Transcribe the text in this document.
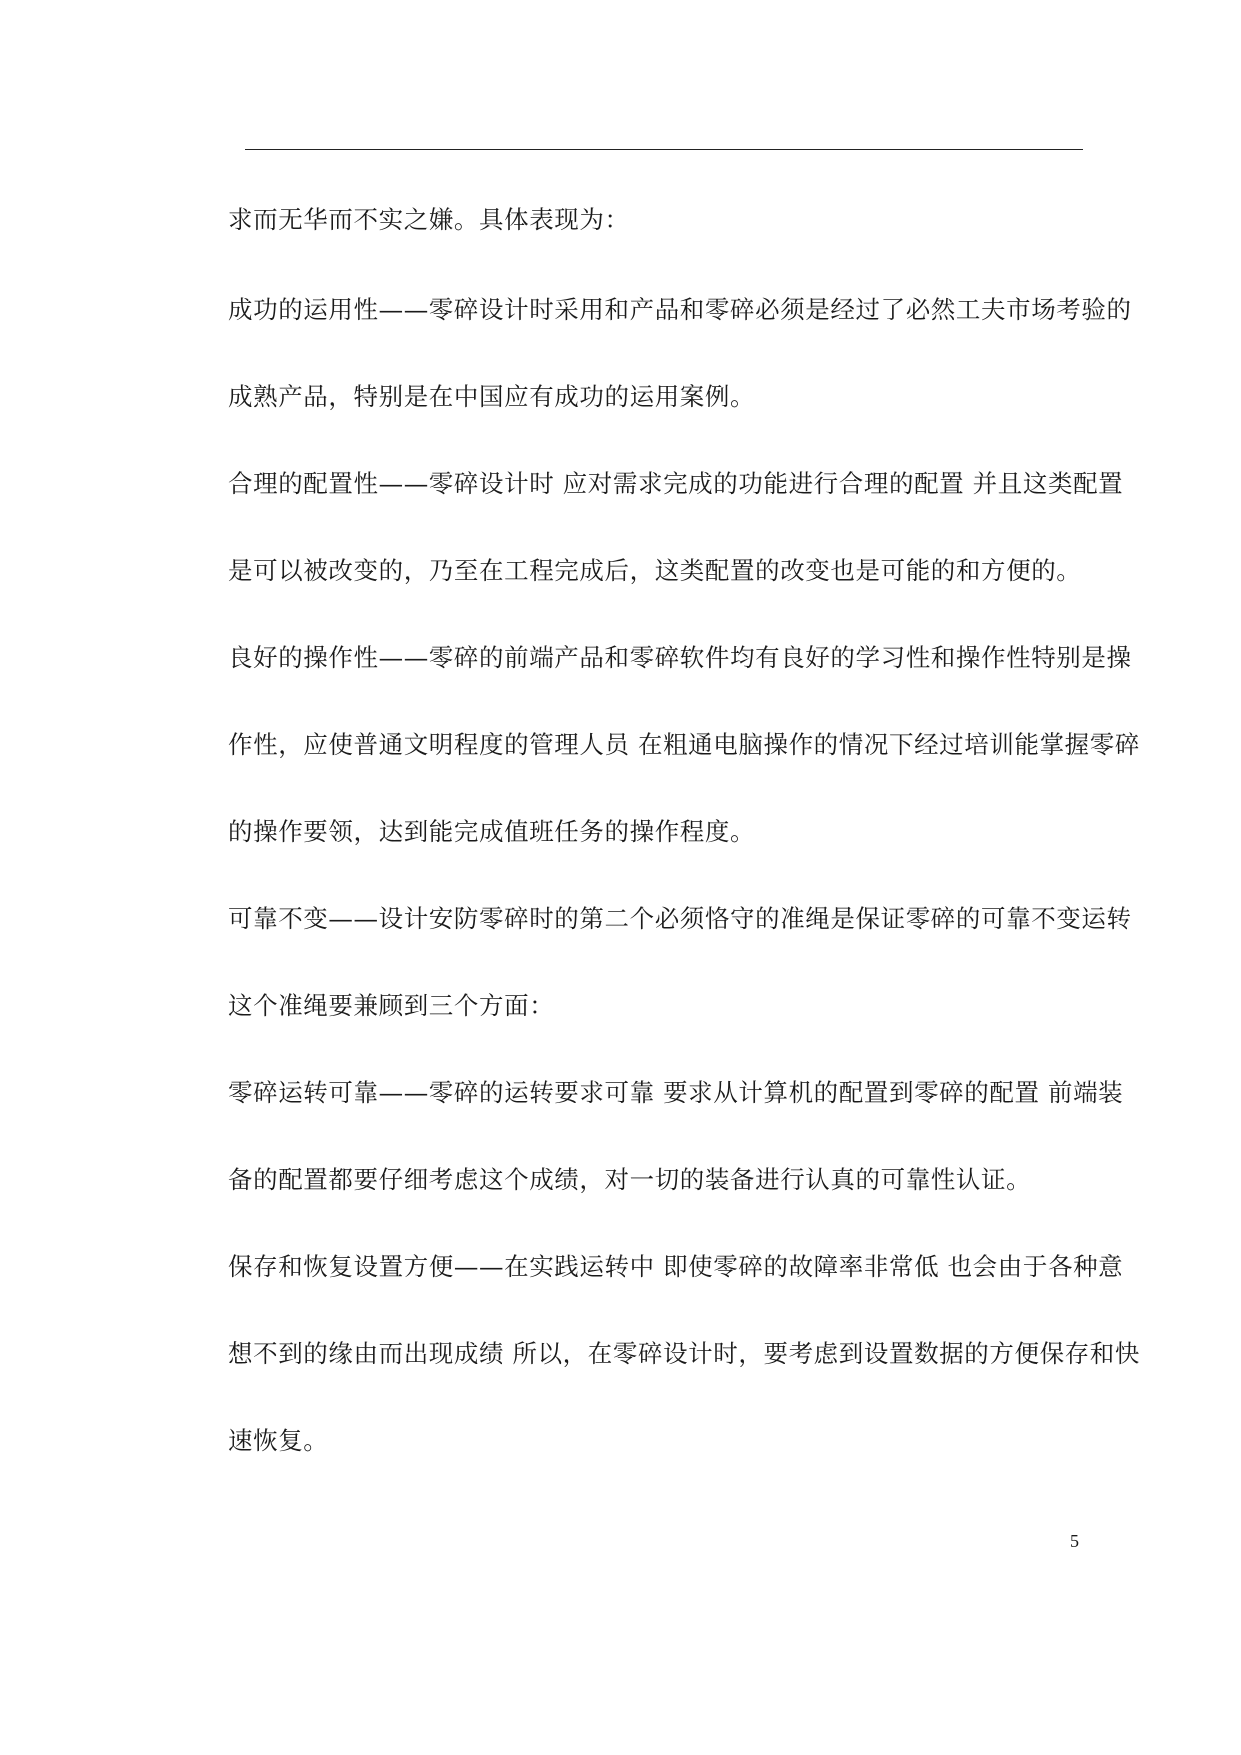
求而无华而不实之嫌。具体表现为：
成功的运用性——零碎设计时采用和产品和零碎必须是经过了必然工夫市场考验的
成熟产品，特别是在中国应有成功的运用案例。
合理的配置性——零碎设计时 应对需求完成的功能进行合理的配置 并且这类配置
是可以被改变的，乃至在工程完成后，这类配置的改变也是可能的和方便的。
良好的操作性——零碎的前端产品和零碎软件均有良好的学习性和操作性特别是操
作性，应使普通文明程度的管理人员 在粗通电脑操作的情况下经过培训能掌握零碎
的操作要领，达到能完成值班任务的操作程度。
可靠不变——设计安防零碎时的第二个必须恪守的准绳是保证零碎的可靠不变运转
这个准绳要兼顾到三个方面：
零碎运转可靠——零碎的运转要求可靠 要求从计算机的配置到零碎的配置 前端装
备的配置都要仔细考虑这个成绩，对一切的装备进行认真的可靠性认证。
保存和恢复设置方便——在实践运转中 即使零碎的故障率非常低 也会由于各种意
想不到的缘由而出现成绩 所以，在零碎设计时，要考虑到设置数据的方便保存和快
速恢复。
5
